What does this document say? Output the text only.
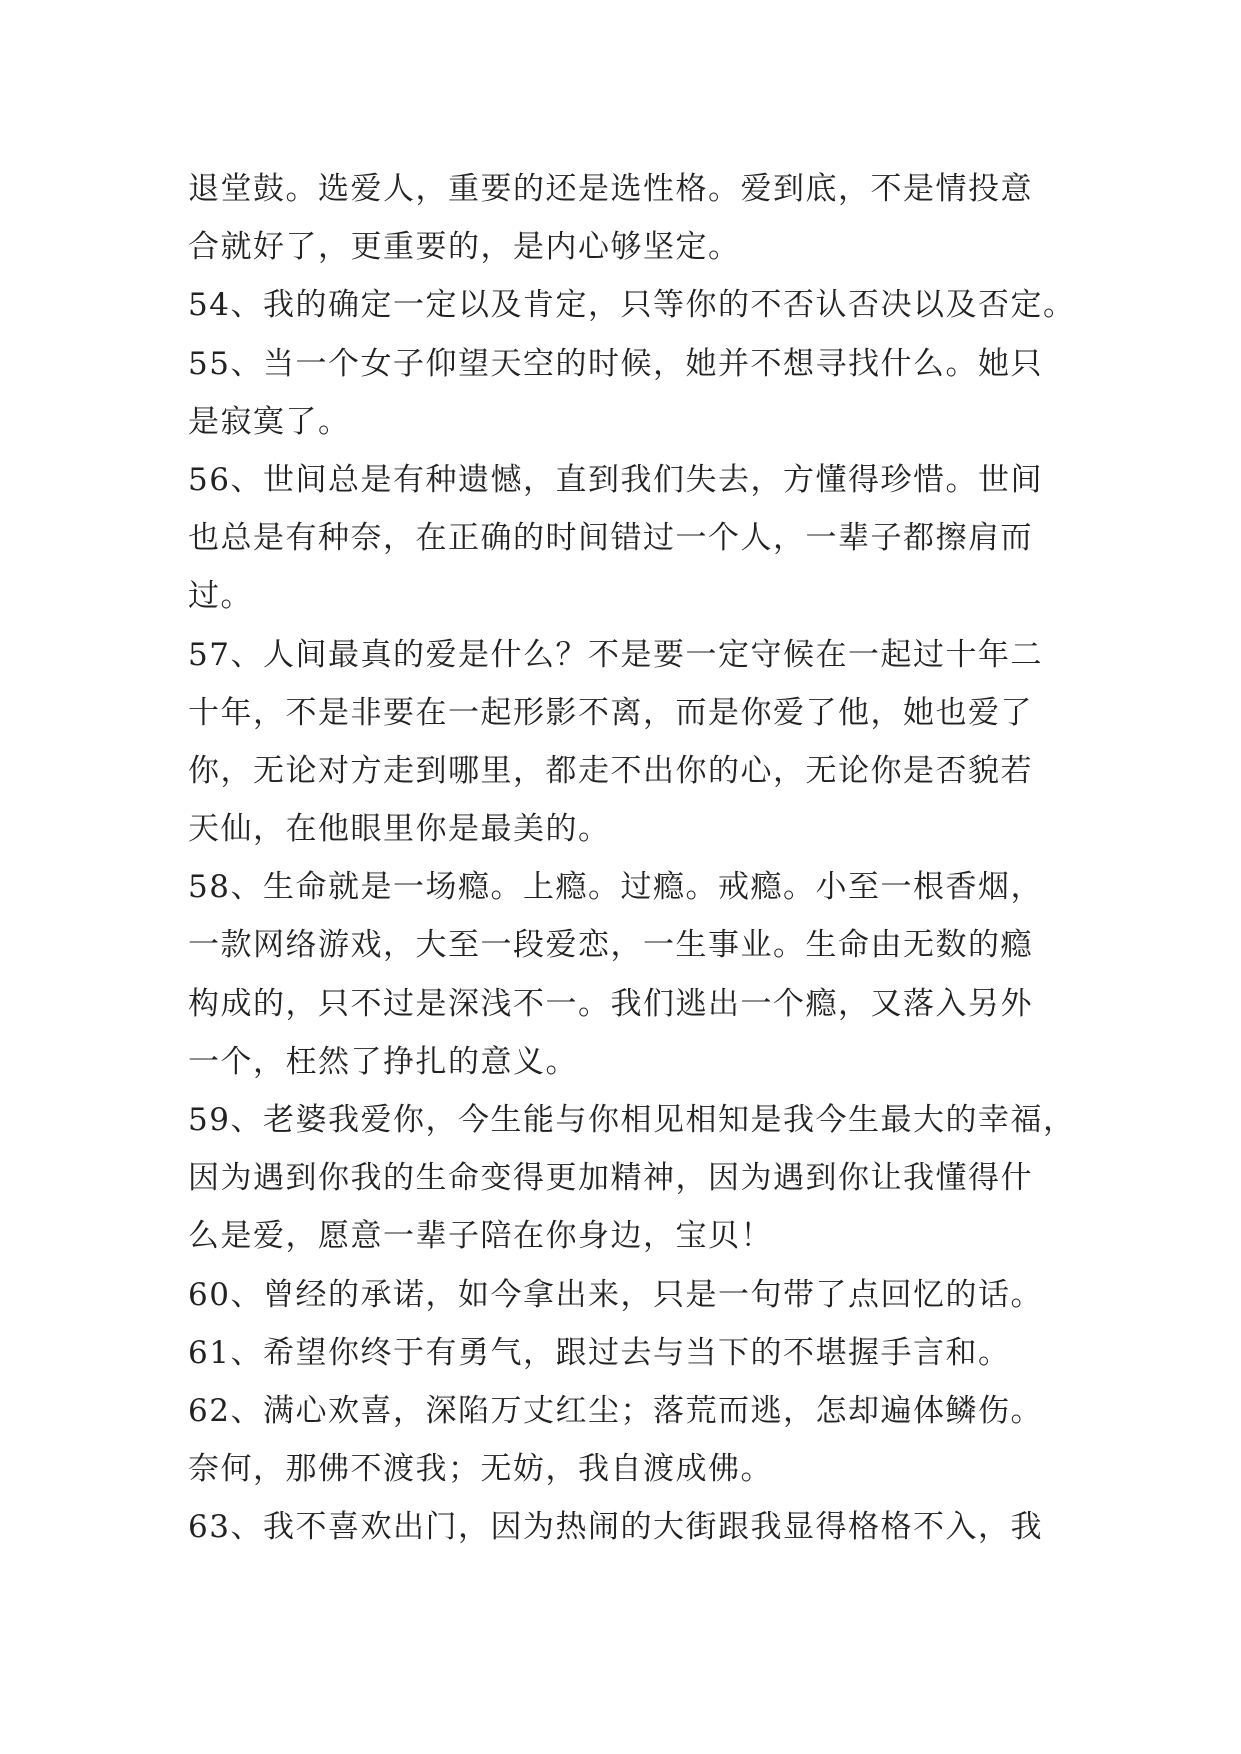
退堂鼓。选爱人，重要的还是选性格。爱到底，不是情投意
合就好了，更重要的，是内心够坚定。
54、我的确定一定以及肯定，只等你的不否认否决以及否定。
55、当一个女子仰望天空的时候，她并不想寻找什么。她只
是寂寞了。
56、世间总是有种遗憾，直到我们失去，方懂得珍惜。世间
也总是有种奈，在正确的时间错过一个人，一辈子都擦肩而
过。
57、人间最真的爱是什么？不是要一定守候在一起过十年二
十年，不是非要在一起形影不离，而是你爱了他，她也爱了
你，无论对方走到哪里，都走不出你的心，无论你是否貌若
天仙，在他眼里你是最美的。
58、生命就是一场瘾。上瘾。过瘾。戒瘾。小至一根香烟，
一款网络游戏，大至一段爱恋，一生事业。生命由无数的瘾
构成的，只不过是深浅不一。我们逃出一个瘾，又落入另外
一个，枉然了挣扎的意义。
59、老婆我爱你，今生能与你相见相知是我今生最大的幸福，
因为遇到你我的生命变得更加精神，因为遇到你让我懂得什
么是爱，愿意一辈子陪在你身边，宝贝！
60、曾经的承诺，如今拿出来，只是一句带了点回忆的话。
61、希望你终于有勇气，跟过去与当下的不堪握手言和。
62、满心欢喜，深陷万丈红尘；落荒而逃，怎却遍体鳞伤。
奈何，那佛不渡我；无妨，我自渡成佛。
63、我不喜欢出门，因为热闹的大街跟我显得格格不入，我
